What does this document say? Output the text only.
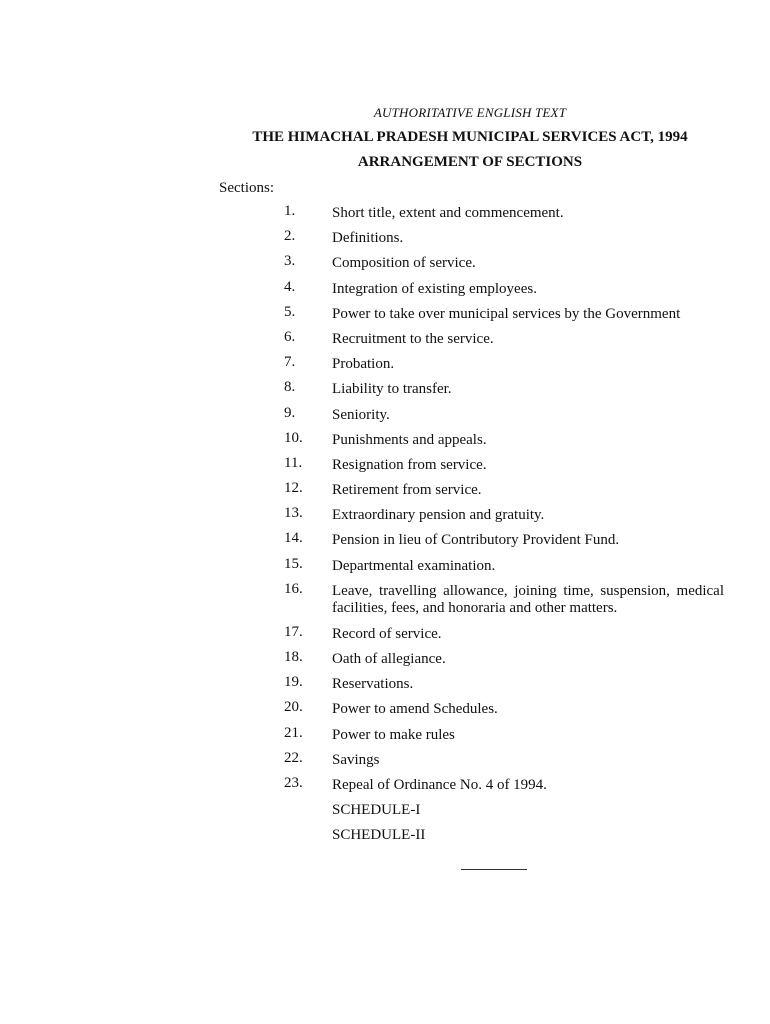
AUTHORITATIVE ENGLISH TEXT
THE HIMACHAL PRADESH MUNICIPAL SERVICES ACT, 1994
ARRANGEMENT OF SECTIONS
Sections:
1.	Short title, extent and commencement.
2.	Definitions.
3.	Composition of service.
4.	Integration of existing employees.
5.	Power to take over municipal services by the Government
6.	Recruitment to the service.
7.	Probation.
8.	Liability to transfer.
9.	Seniority.
10.	Punishments and appeals.
11.	Resignation from service.
12.	Retirement from service.
13.	Extraordinary pension and gratuity.
14.	Pension in lieu of Contributory Provident Fund.
15.	Departmental examination.
16.	Leave, travelling allowance, joining time, suspension, medical facilities, fees, and honoraria and other matters.
17.	Record of service.
18.	Oath of allegiance.
19.	Reservations.
20.	Power to amend Schedules.
21.	Power to make rules
22.	Savings
23.	Repeal of Ordinance No. 4 of 1994.
SCHEDULE-I
SCHEDULE-II
